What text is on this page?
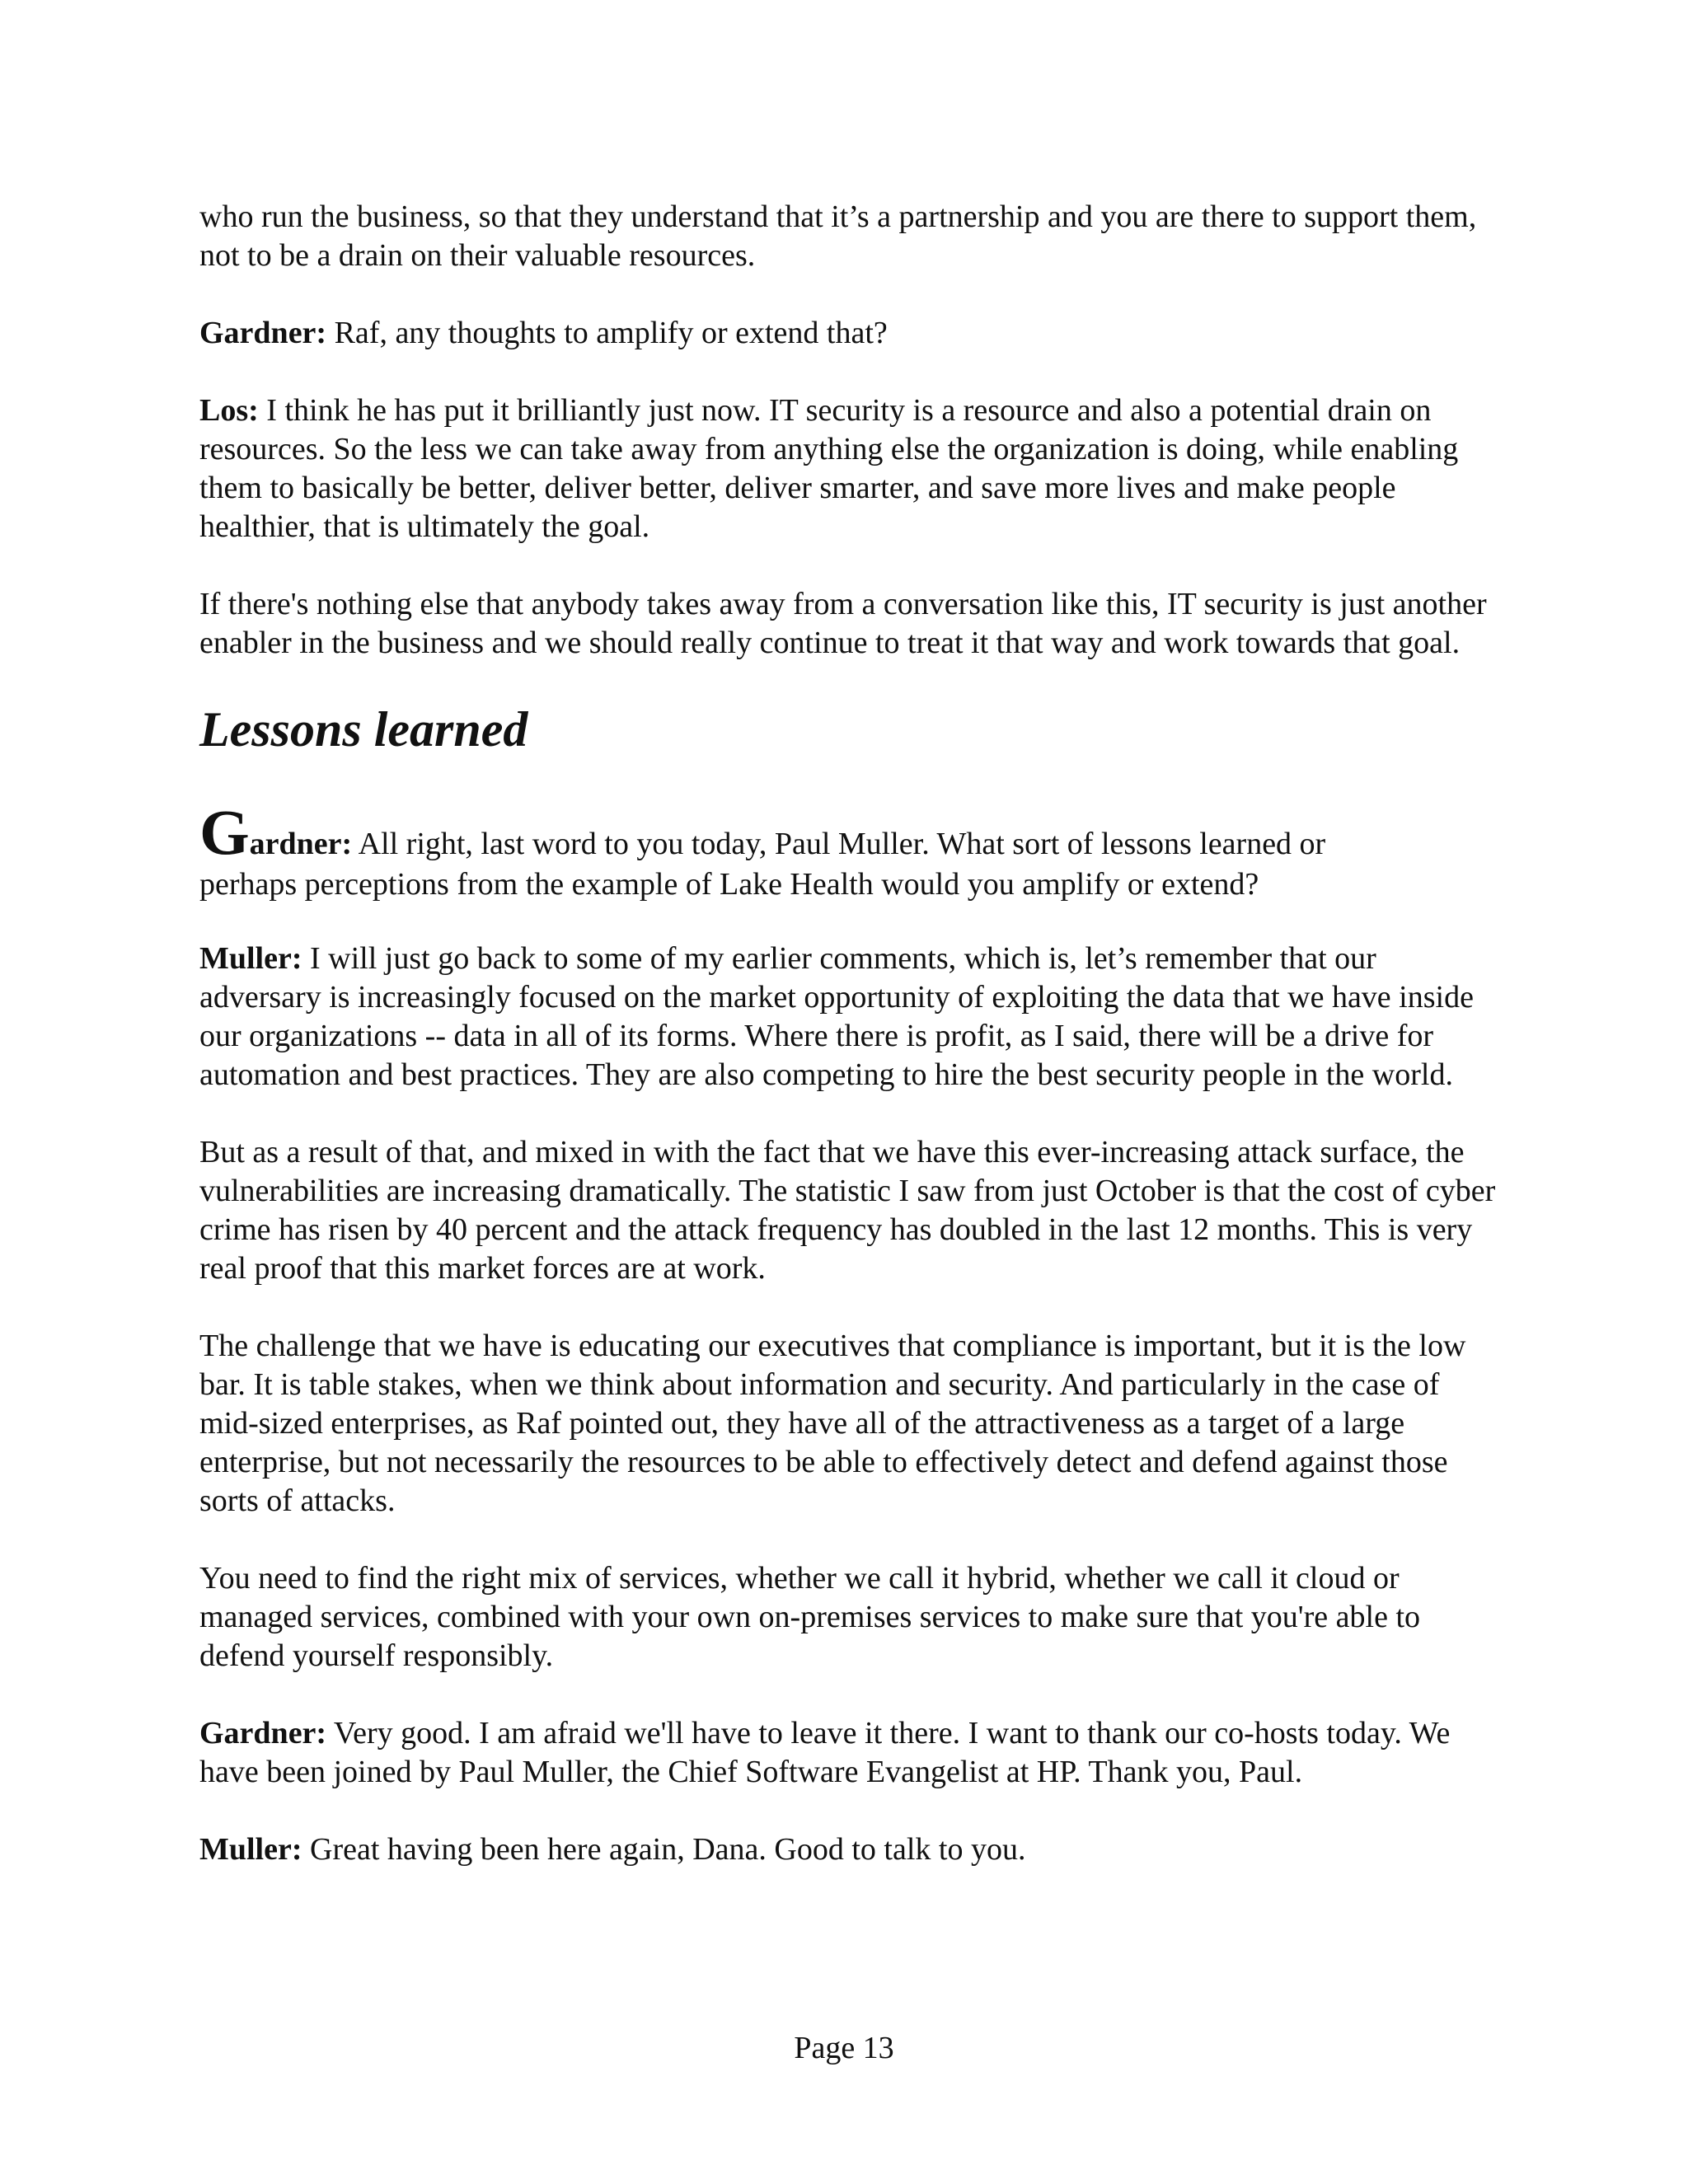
who run the business, so that they understand that it’s a partnership and you are there to support them, not to be a drain on their valuable resources.

Gardner: Raf, any thoughts to amplify or extend that?

Los: I think he has put it brilliantly just now. IT security is a resource and also a potential drain on resources. So the less we can take away from anything else the organization is doing, while enabling them to basically be better, deliver better, deliver smarter, and save more lives and make people healthier, that is ultimately the goal.

If there's nothing else that anybody takes away from a conversation like this, IT security is just another enabler in the business and we should really continue to treat it that way and work towards that goal.

Lessons learned

Gardner: All right, last word to you today, Paul Muller. What sort of lessons learned or
perhaps perceptions from the example of Lake Health would you amplify or extend?

Muller: I will just go back to some of my earlier comments, which is, let’s remember that our adversary is increasingly focused on the market opportunity of exploiting the data that we have inside our organizations -- data in all of its forms. Where there is profit, as I said, there will be a drive for automation and best practices. They are also competing to hire the best security people in the world.

But as a result of that, and mixed in with the fact that we have this ever-increasing attack surface, the vulnerabilities are increasing dramatically. The statistic I saw from just October is that the cost of cyber crime has risen by 40 percent and the attack frequency has doubled in the last 12 months. This is very real proof that this market forces are at work.

The challenge that we have is educating our executives that compliance is important, but it is the low bar. It is table stakes, when we think about information and security. And particularly in the case of mid-sized enterprises, as Raf pointed out, they have all of the attractiveness as a target of a large enterprise, but not necessarily the resources to be able to effectively detect and defend against those sorts of attacks.

You need to find the right mix of services, whether we call it hybrid, whether we call it cloud or managed services, combined with your own on-premises services to make sure that you're able to defend yourself responsibly.

Gardner: Very good. I am afraid we'll have to leave it there. I want to thank our co-hosts today. We have been joined by Paul Muller, the Chief Software Evangelist at HP. Thank you, Paul.

Muller: Great having been here again, Dana. Good to talk to you.

Page 13
